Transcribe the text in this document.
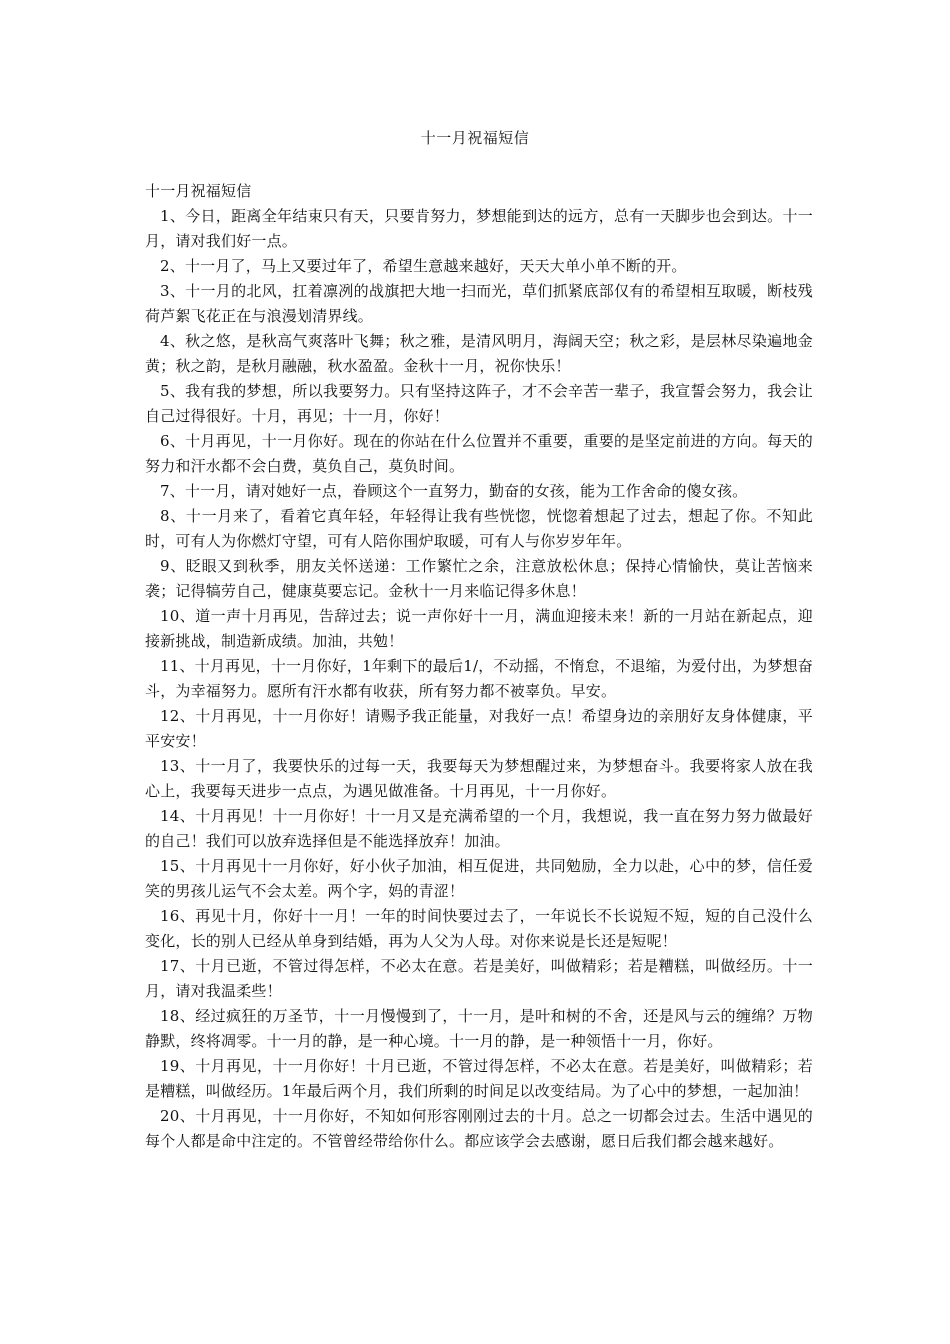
十一月祝福短信

十一月祝福短信

1、今日，距离全年结束只有天，只要肯努力，梦想能到达的远方，总有一天脚步也会到达。十一月，请对我们好一点。

2、十一月了，马上又要过年了，希望生意越来越好，天天大单小单不断的开。

3、十一月的北风，扛着凛冽的战旗把大地一扫而光，草们抓紧底部仅有的希望相互取暖，断枝残荷芦絮飞花正在与浪漫划清界线。

4、秋之悠，是秋高气爽落叶飞舞；秋之雅，是清风明月，海阔天空；秋之彩，是层林尽染遍地金黄；秋之韵，是秋月融融，秋水盈盈。金秋十一月，祝你快乐！

5、我有我的梦想，所以我要努力。只有坚持这阵子，才不会辛苦一辈子，我宣誓会努力，我会让自己过得很好。十月，再见；十一月，你好！

6、十月再见，十一月你好。现在的你站在什么位置并不重要，重要的是坚定前进的方向。每天的努力和汗水都不会白费，莫负自己，莫负时间。

7、十一月，请对她好一点，眷顾这个一直努力，勤奋的女孩，能为工作舍命的傻女孩。

8、十一月来了，看着它真年轻，年轻得让我有些恍惚，恍惚着想起了过去，想起了你。不知此时，可有人为你燃灯守望，可有人陪你围炉取暖，可有人与你岁岁年年。

9、眨眼又到秋季，朋友关怀送递：工作繁忙之余，注意放松休息；保持心情愉快，莫让苦恼来袭；记得犒劳自己，健康莫要忘记。金秋十一月来临记得多休息！

10、道一声十月再见，告辞过去；说一声你好十一月，满血迎接未来！新的一月站在新起点，迎接新挑战，制造新成绩。加油，共勉！

11、十月再见，十一月你好，1年剩下的最后1/，不动摇，不惰怠，不退缩，为爱付出，为梦想奋斗，为幸福努力。愿所有汗水都有收获，所有努力都不被辜负。早安。

12、十月再见，十一月你好！请赐予我正能量，对我好一点！希望身边的亲朋好友身体健康，平平安安！

13、十一月了，我要快乐的过每一天，我要每天为梦想醒过来，为梦想奋斗。我要将家人放在我心上，我要每天进步一点点，为遇见做准备。十月再见，十一月你好。

14、十月再见！十一月你好！十一月又是充满希望的一个月，我想说，我一直在努力努力做最好的自己！我们可以放弃选择但是不能选择放弃！加油。

15、十月再见十一月你好，好小伙子加油，相互促进，共同勉励，全力以赴，心中的梦，信任爱笑的男孩儿运气不会太差。两个字，妈的青涩！

16、再见十月，你好十一月！一年的时间快要过去了，一年说长不长说短不短，短的自己没什么变化，长的别人已经从单身到结婚，再为人父为人母。对你来说是长还是短呢！

17、十月已逝，不管过得怎样，不必太在意。若是美好，叫做精彩；若是糟糕，叫做经历。十一月，请对我温柔些！

18、经过疯狂的万圣节，十一月慢慢到了，十一月，是叶和树的不舍，还是风与云的缠绵？万物静默，终将凋零。十一月的静，是一种心境。十一月的静，是一种领悟十一月，你好。

19、十月再见，十一月你好！十月已逝，不管过得怎样，不必太在意。若是美好，叫做精彩；若是糟糕，叫做经历。1年最后两个月，我们所剩的时间足以改变结局。为了心中的梦想，一起加油！

20、十月再见，十一月你好，不知如何形容刚刚过去的十月。总之一切都会过去。生活中遇见的每个人都是命中注定的。不管曾经带给你什么。都应该学会去感谢，愿日后我们都会越来越好。
